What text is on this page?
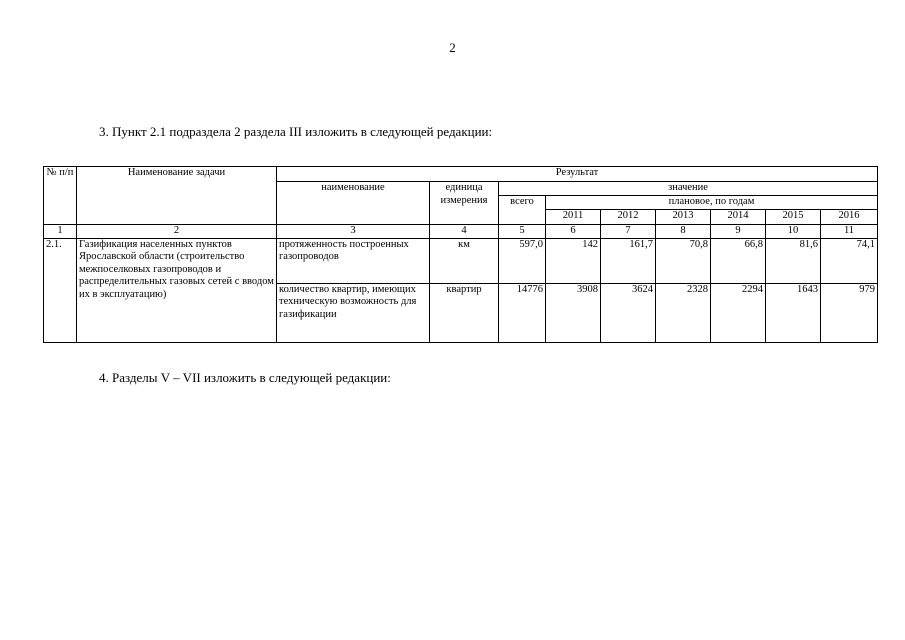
2
3. Пункт 2.1 подраздела 2 раздела III изложить в следующей редакции:
№ п/п	Наименование задачи	Результат								
		наименование	единица измерения	значение						
				всего	плановое, по годам					
					2011	2012	2013	2014	2015	2016
1	2	3	4	5	6	7	8	9	10	11
2.1.	Газификация населенных пунктов Ярославской области (строительство межпоселковых газопроводов и распределительных газовых сетей с вводом их в эксплуатацию)	протяженность построенных газопроводов	км	597,0	142	161,7	70,8	66,8	81,6	74,1
		количество квартир, имеющих техническую возможность для газификации	квартир	14776	3908	3624	2328	2294	1643	979
4. Разделы V – VII изложить в следующей редакции:
